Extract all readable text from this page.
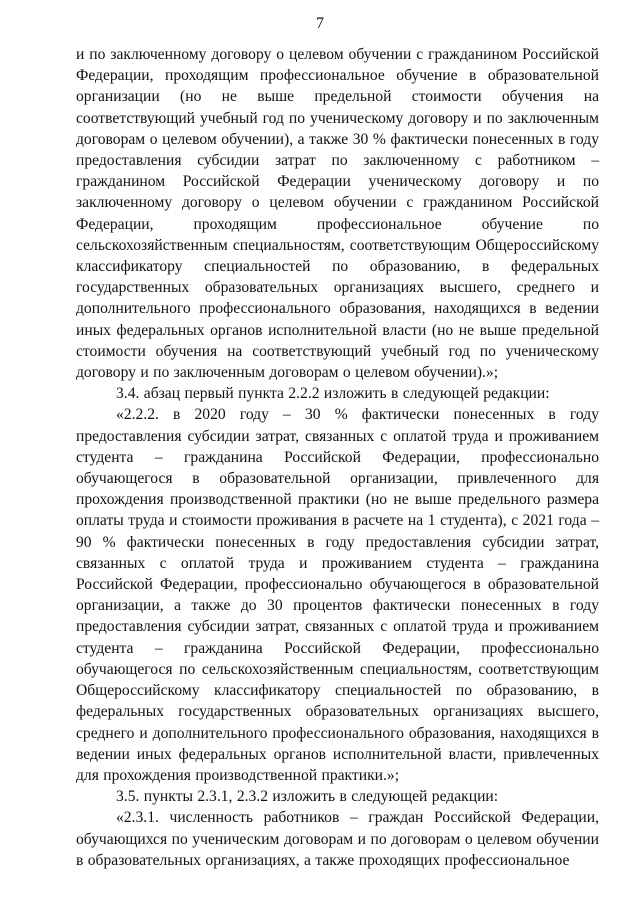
7

и по заключенному договору о целевом обучении с гражданином Российской Федерации, проходящим профессиональное обучение в образовательной организации (но не выше предельной стоимости обучения на соответствующий учебный год по ученическому договору и по заключенным договорам о целевом обучении), а также 30 % фактически понесенных в году предоставления субсидии затрат по заключенному с работником – гражданином Российской Федерации ученическому договору и по заключенному договору о целевом обучении с гражданином Российской Федерации, проходящим профессиональное обучение по сельскохозяйственным специальностям, соответствующим Общероссийскому классификатору специальностей по образованию, в федеральных государственных образовательных организациях высшего, среднего и дополнительного профессионального образования, находящихся в ведении иных федеральных органов исполнительной власти (но не выше предельной стоимости обучения на соответствующий учебный год по ученическому договору и по заключенным договорам о целевом обучении).»;

3.4. абзац первый пункта 2.2.2 изложить в следующей редакции:

«2.2.2. в 2020 году – 30 % фактически понесенных в году предоставления субсидии затрат, связанных с оплатой труда и проживанием студента – гражданина Российской Федерации, профессионально обучающегося в образовательной организации, привлеченного для прохождения производственной практики (но не выше предельного размера оплаты труда и стоимости проживания в расчете на 1 студента), с 2021 года – 90 % фактически понесенных в году предоставления субсидии затрат, связанных с оплатой труда и проживанием студента – гражданина Российской Федерации, профессионально обучающегося в образовательной организации, а также до 30 процентов фактически понесенных в году предоставления субсидии затрат, связанных с оплатой труда и проживанием студента – гражданина Российской Федерации, профессионально обучающегося по сельскохозяйственным специальностям, соответствующим Общероссийскому классификатору специальностей по образованию, в федеральных государственных образовательных организациях высшего, среднего и дополнительного профессионального образования, находящихся в ведении иных федеральных органов исполнительной власти, привлеченных для прохождения производственной практики.»;

3.5. пункты 2.3.1, 2.3.2 изложить в следующей редакции:

«2.3.1. численность работников – граждан Российской Федерации, обучающихся по ученическим договорам и по договорам о целевом обучении в образовательных организациях, а также проходящих профессиональное
